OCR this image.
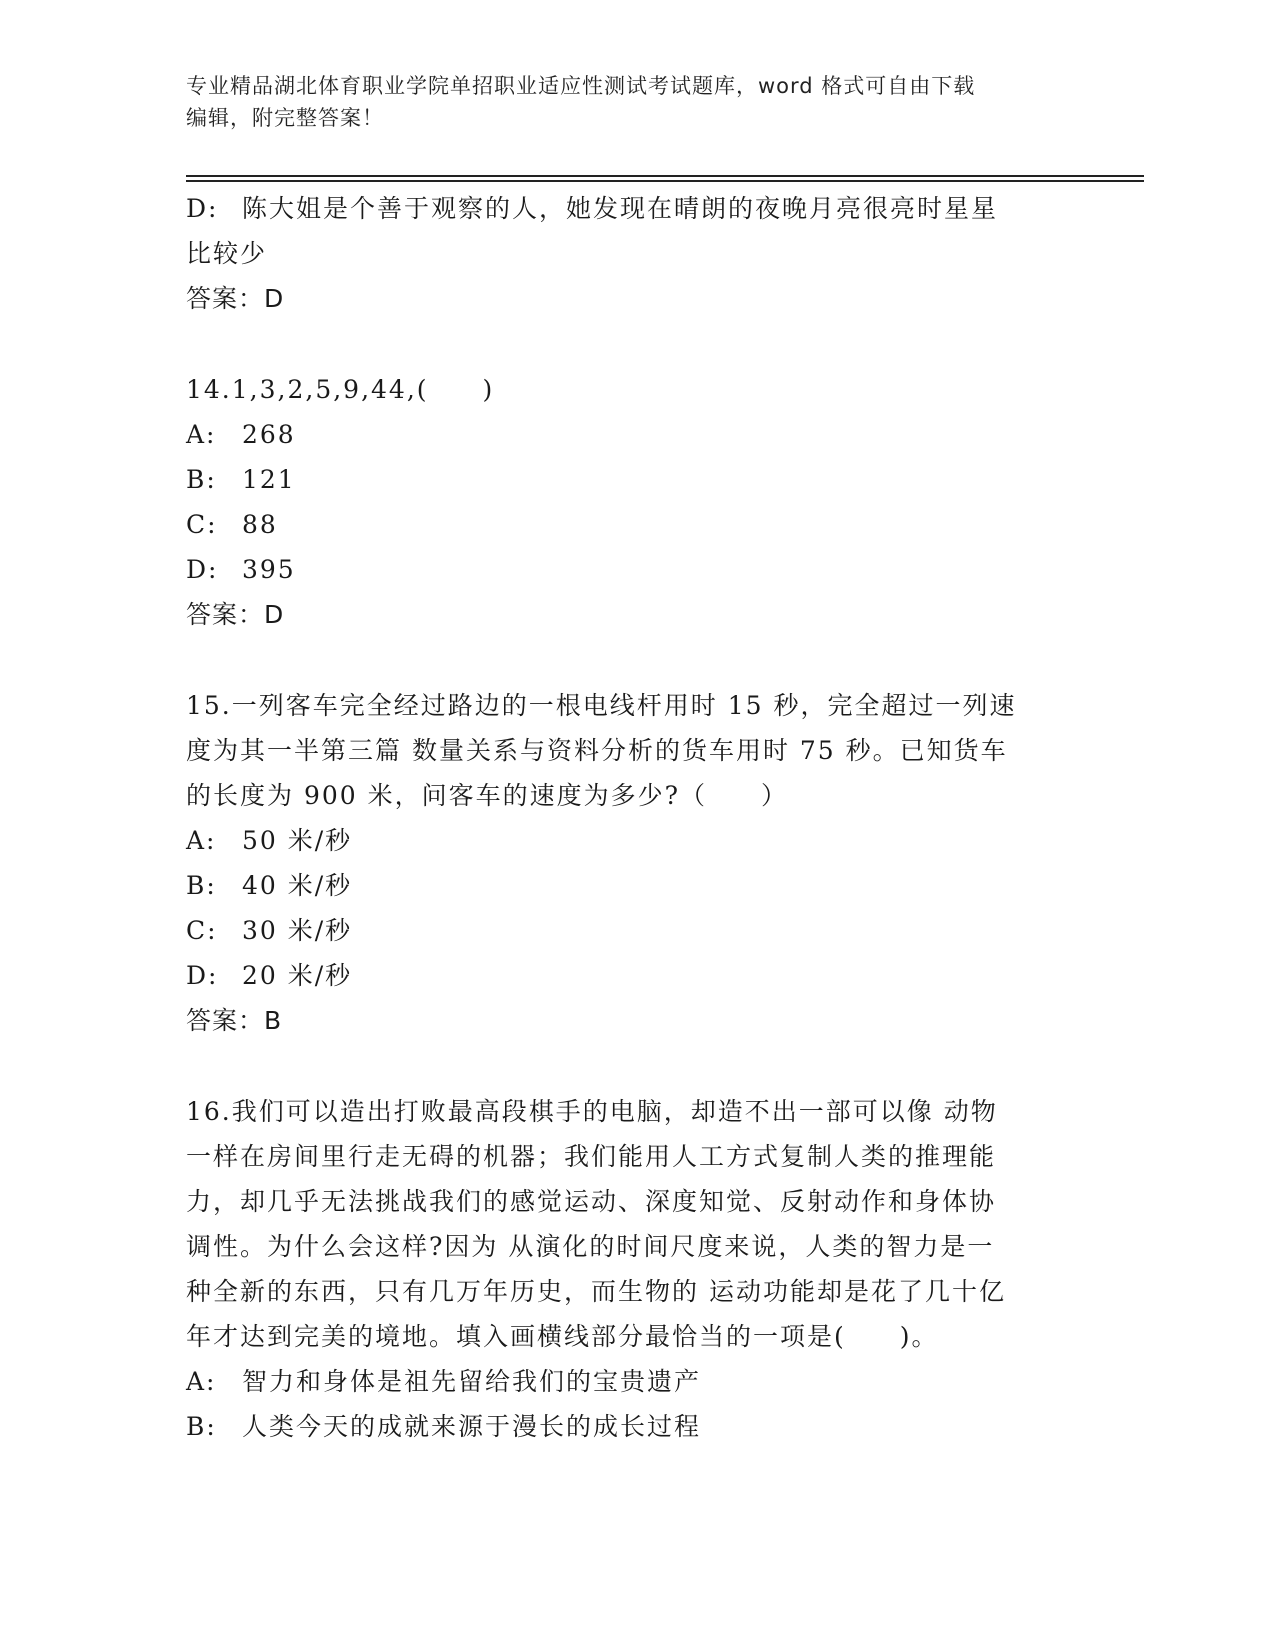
专业精品湖北体育职业学院单招职业适应性测试考试题库，word 格式可自由下载
编辑，附完整答案！
D: 陈大姐是个善于观察的人，她发现在晴朗的夜晚月亮很亮时星星
比较少
答案：D
14.1,3,2,5,9,44,(　　)
A: 268
B: 121
C: 88
D: 395
答案：D
15.一列客车完全经过路边的一根电线杆用时 15 秒，完全超过一列速
度为其一半第三篇 数量关系与资料分析的货车用时 75 秒。已知货车
的长度为 900 米，问客车的速度为多少?（　　）
A: 50 米/秒
B: 40 米/秒
C: 30 米/秒
D: 20 米/秒
答案：B
16.我们可以造出打败最高段棋手的电脑，却造不出一部可以像 动物
一样在房间里行走无碍的机器；我们能用人工方式复制人类的推理能
力，却几乎无法挑战我们的感觉运动、深度知觉、反射动作和身体协
调性。为什么会这样?因为 从演化的时间尺度来说，人类的智力是一
种全新的东西，只有几万年历史，而生物的 运动功能却是花了几十亿
年才达到完美的境地。填入画横线部分最恰当的一项是(　　)。
A: 智力和身体是祖先留给我们的宝贵遗产
B: 人类今天的成就来源于漫长的成长过程
